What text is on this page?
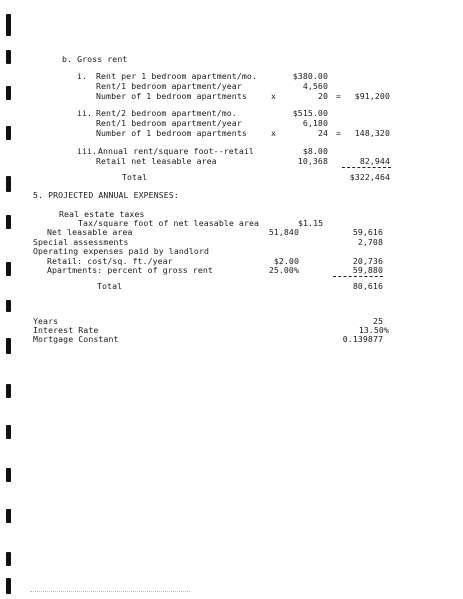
b. Gross rent
i. Rent per 1 bedroom apartment/mo.	$380.00
Rent/1 bedroom apartment/year	4,560
Number of 1 bedroom apartments	x	20 = $91,200
ii. Rent/2 bedroom apartment/mo.	$515.00
Rent/1 bedroom apartment/year	6,180
Number of 1 bedroom apartments	x	24 = 148,320
iii. Annual rent/square foot--retail	$8.00
Retail net leasable area	10,368	82,944
Total	$322,464
5. PROJECTED ANNUAL EXPENSES:
Real estate taxes
Tax/square foot of net leasable area	$1.15
Net leasable area	51,840	59,616
Special assessments	2,708
Operating expenses paid by landlord
Retail: cost/sq. ft./year	$2.00	20,736
Apartments: percent of gross rent	25.00%	59,880
Total	80,616
Years	25
Interest Rate	13.50%
Mortgage Constant	0.139877
